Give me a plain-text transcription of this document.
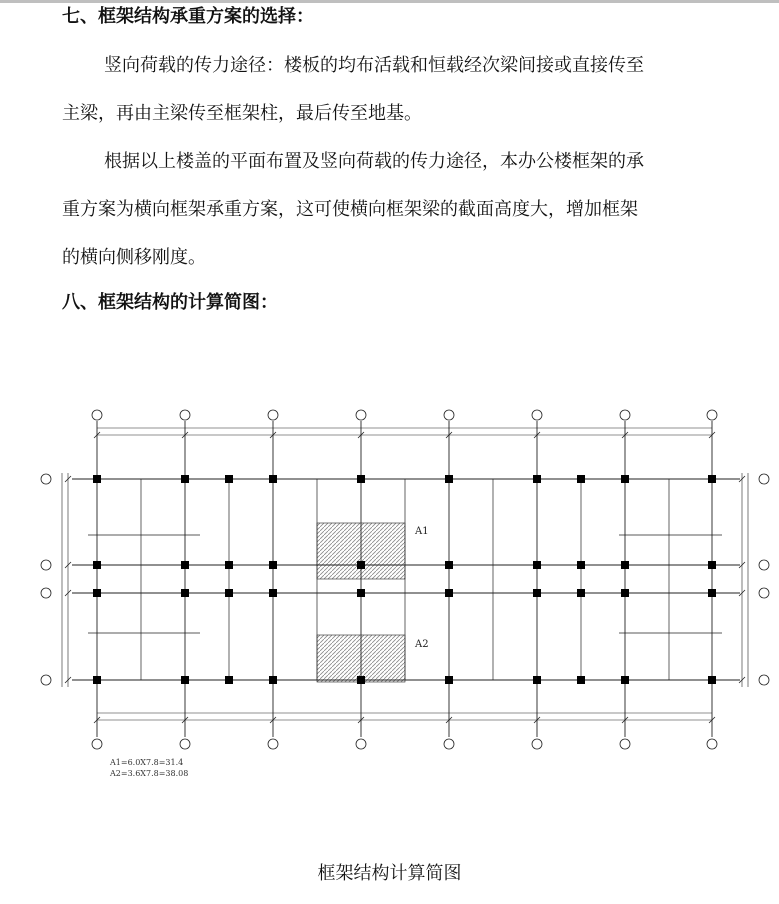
七、框架结构承重方案的选择：

竖向荷载的传力途径：楼板的均布活载和恒载经次梁间接或直接传至
主梁，再由主梁传至框架柱，最后传至地基。

根据以上楼盖的平面布置及竖向荷载的传力途径，本办公楼框架的承
重方案为横向框架承重方案，这可使横向框架梁的截面高度大，增加框架
的横向侧移刚度。

八、框架结构的计算简图：
A1
A2
A1=6.0X7.8=31.4
A2=3.6X7.8=38.08

框架结构计算简图
